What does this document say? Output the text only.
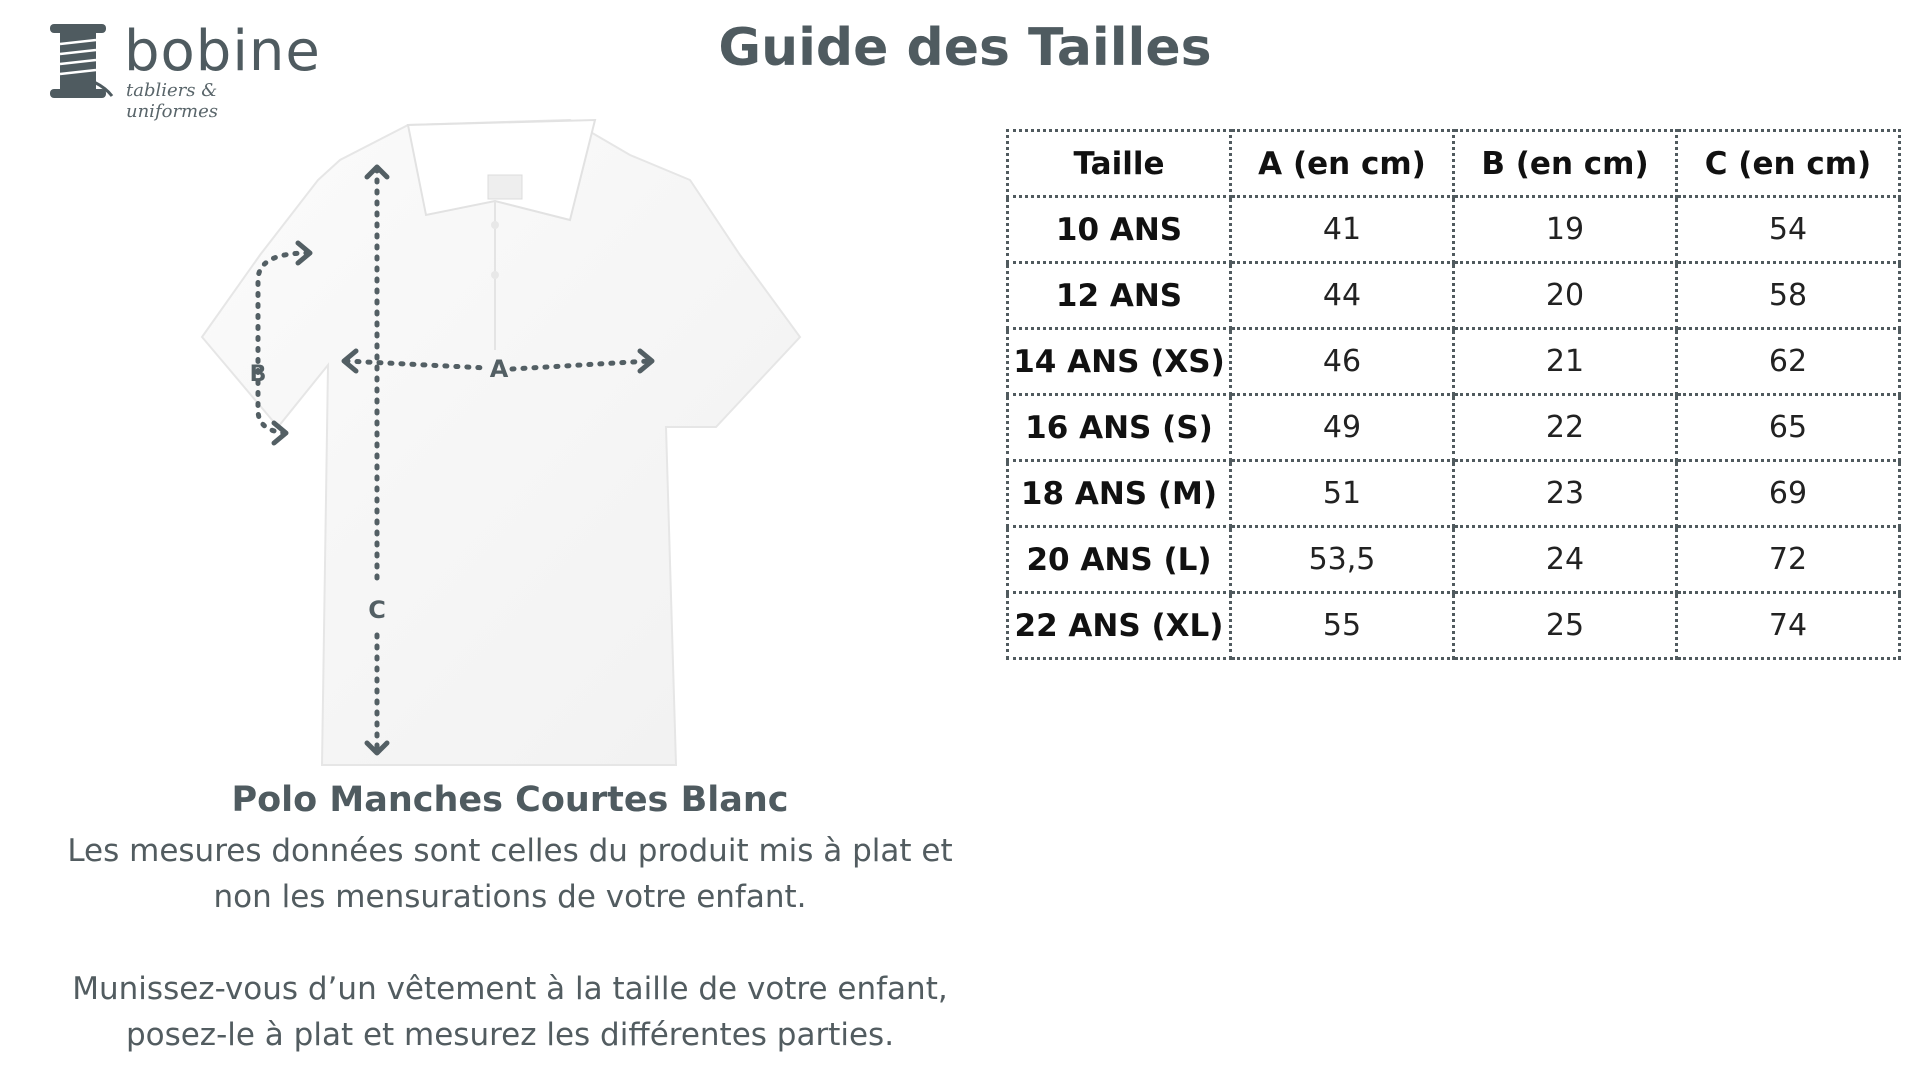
bobine
tabliers & uniformes
Guide des Tailles
B	A
C
Polo Manches Courtes Blanc
Les mesures données sont celles du produit mis à plat et
non les mensurations de votre enfant.
Munissez-vous d’un vêtement à la taille de votre enfant,
posez-le à plat et mesurez les différentes parties.
Taille	A (en cm)	B (en cm)	C (en cm)
10 ANS	41	19	54
12 ANS	44	20	58
14 ANS (XS)	46	21	62
16 ANS (S)	49	22	65
18 ANS (M)	51	23	69
20 ANS (L)	53,5	24	72
22 ANS (XL)	55	25	74
